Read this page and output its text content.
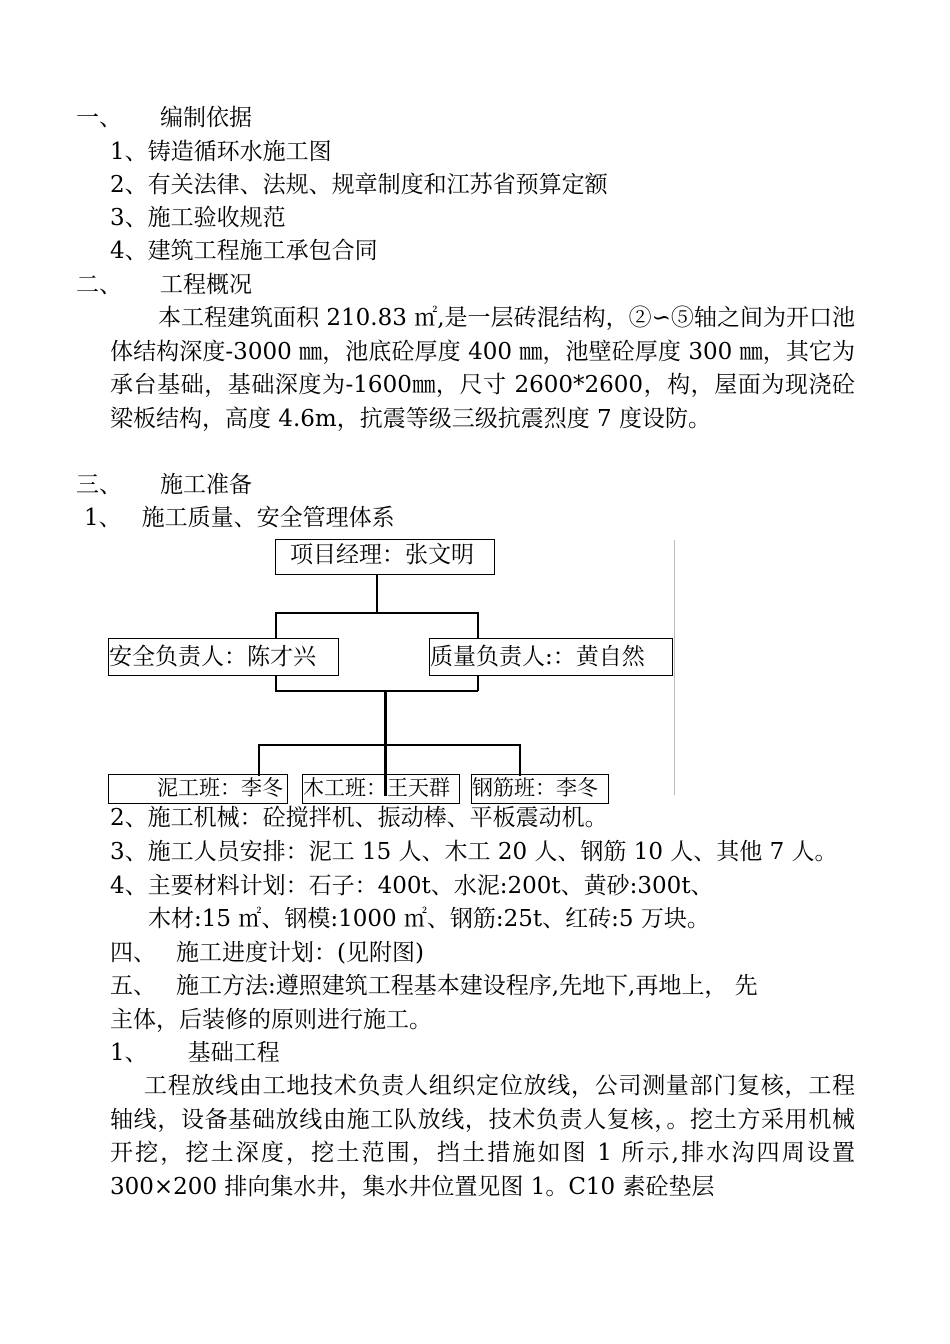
一、 编制依据
1、铸造循环水施工图
2、有关法律、法规、规章制度和江苏省预算定额
3、施工验收规范
4、建筑工程施工承包合同
二、 工程概况
本工程建筑面积 210.83 ㎡,是一层砖混结构，②∽⑤轴之间为开口池体结构深度-3000 ㎜，池底砼厚度 400 ㎜，池壁砼厚度 300 ㎜，其它为承台基础，基础深度为-1600㎜，尺寸 2600*2600，构，屋面为现浇砼梁板结构，高度 4.6m，抗震等级三级抗震烈度 7 度设防。
三、 施工准备
1、 施工质量、安全管理体系
项目经理：张文明
安全负责人：陈才兴	质量负责人:：黄自然
泥工班：李冬 木工班：王天群	钢筋班：李冬
2、施工机械：砼搅拌机、振动棒、平板震动机。
3、施工人员安排：泥工 15 人、木工 20 人、钢筋 10 人、其他 7 人。
4、主要材料计划：石子：400t、水泥:200t、黄砂:300t、
木材:15 ㎡、钢模:1000 ㎡、钢筋:25t、红砖:5 万块。
四、 施工进度计划：(见附图)
五、 施工方法:遵照建筑工程基本建设程序,先地下,再地上， 先
主体，后装修的原则进行施工。
1、 基础工程
工程放线由工地技术负责人组织定位放线，公司测量部门复核，工程轴线，设备基础放线由施工队放线，技术负责人复核，。挖土方采用机械开挖，挖土深度，挖土范围，挡土措施如图 1 所示,排水沟四周设置 300×200 排向集水井，集水井位置见图 1。C10 素砼垫层
